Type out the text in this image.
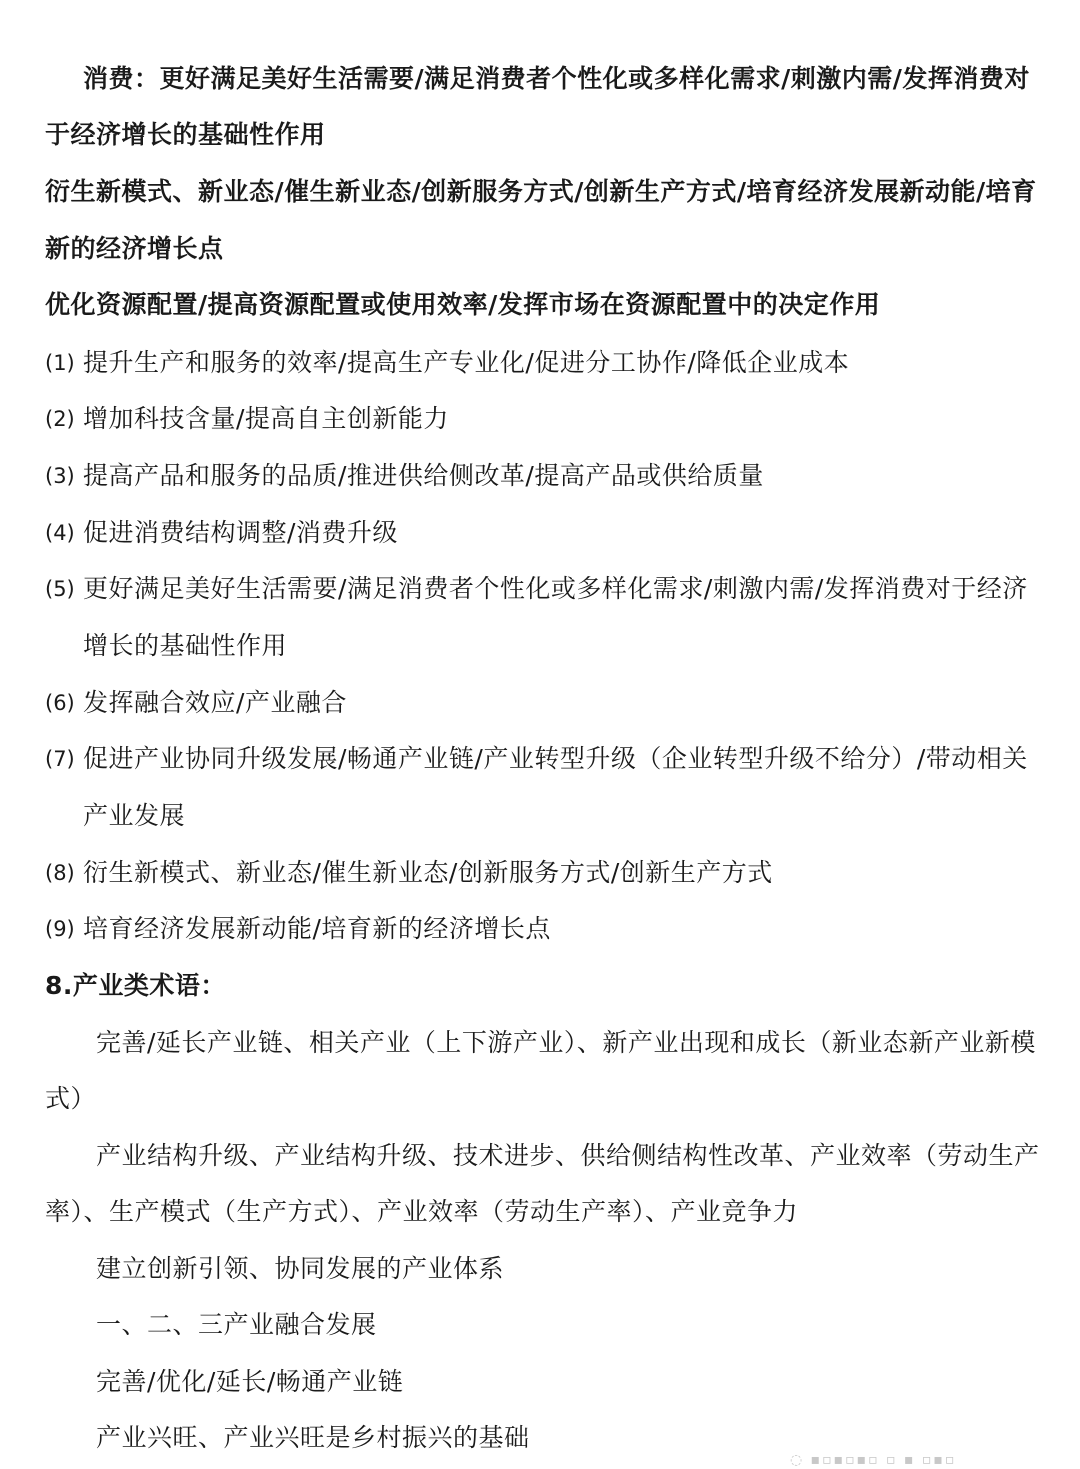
消费：更好满足美好生活需要/满足消费者个性化或多样化需求/刺激内需/发挥消费对
于经济增长的基础性作用
衍生新模式、新业态/催生新业态/创新服务方式/创新生产方式/培育经济发展新动能/培育
新的经济增长点
优化资源配置/提高资源配置或使用效率/发挥市场在资源配置中的决定作用
(1) 提升生产和服务的效率/提高生产专业化/促进分工协作/降低企业成本
(2) 增加科技含量/提高自主创新能力
(3) 提高产品和服务的品质/推进供给侧改革/提高产品或供给质量
(4) 促进消费结构调整/消费升级
(5) 更好满足美好生活需要/满足消费者个性化或多样化需求/刺激内需/发挥消费对于经济
增长的基础性作用
(6) 发挥融合效应/产业融合
(7) 促进产业协同升级发展/畅通产业链/产业转型升级（企业转型升级不给分）/带动相关
产业发展
(8) 衍生新模式、新业态/催生新业态/创新服务方式/创新生产方式
(9) 培育经济发展新动能/培育新的经济增长点
8.产业类术语：
完善/延长产业链、相关产业（上下游产业）、新产业出现和成长（新业态新产业新模
式）
产业结构升级、产业结构升级、技术进步、供给侧结构性改革、产业效率（劳动生产
率）、生产模式（生产方式）、产业效率（劳动生产率）、产业竞争力
建立创新引领、协同发展的产业体系
一、二、三产业融合发展
完善/优化/延长/畅通产业链
产业兴旺、产业兴旺是乡村振兴的基础
◌ ▪▫▪▫▪▫ ▫ ▪ ▫▪▫
